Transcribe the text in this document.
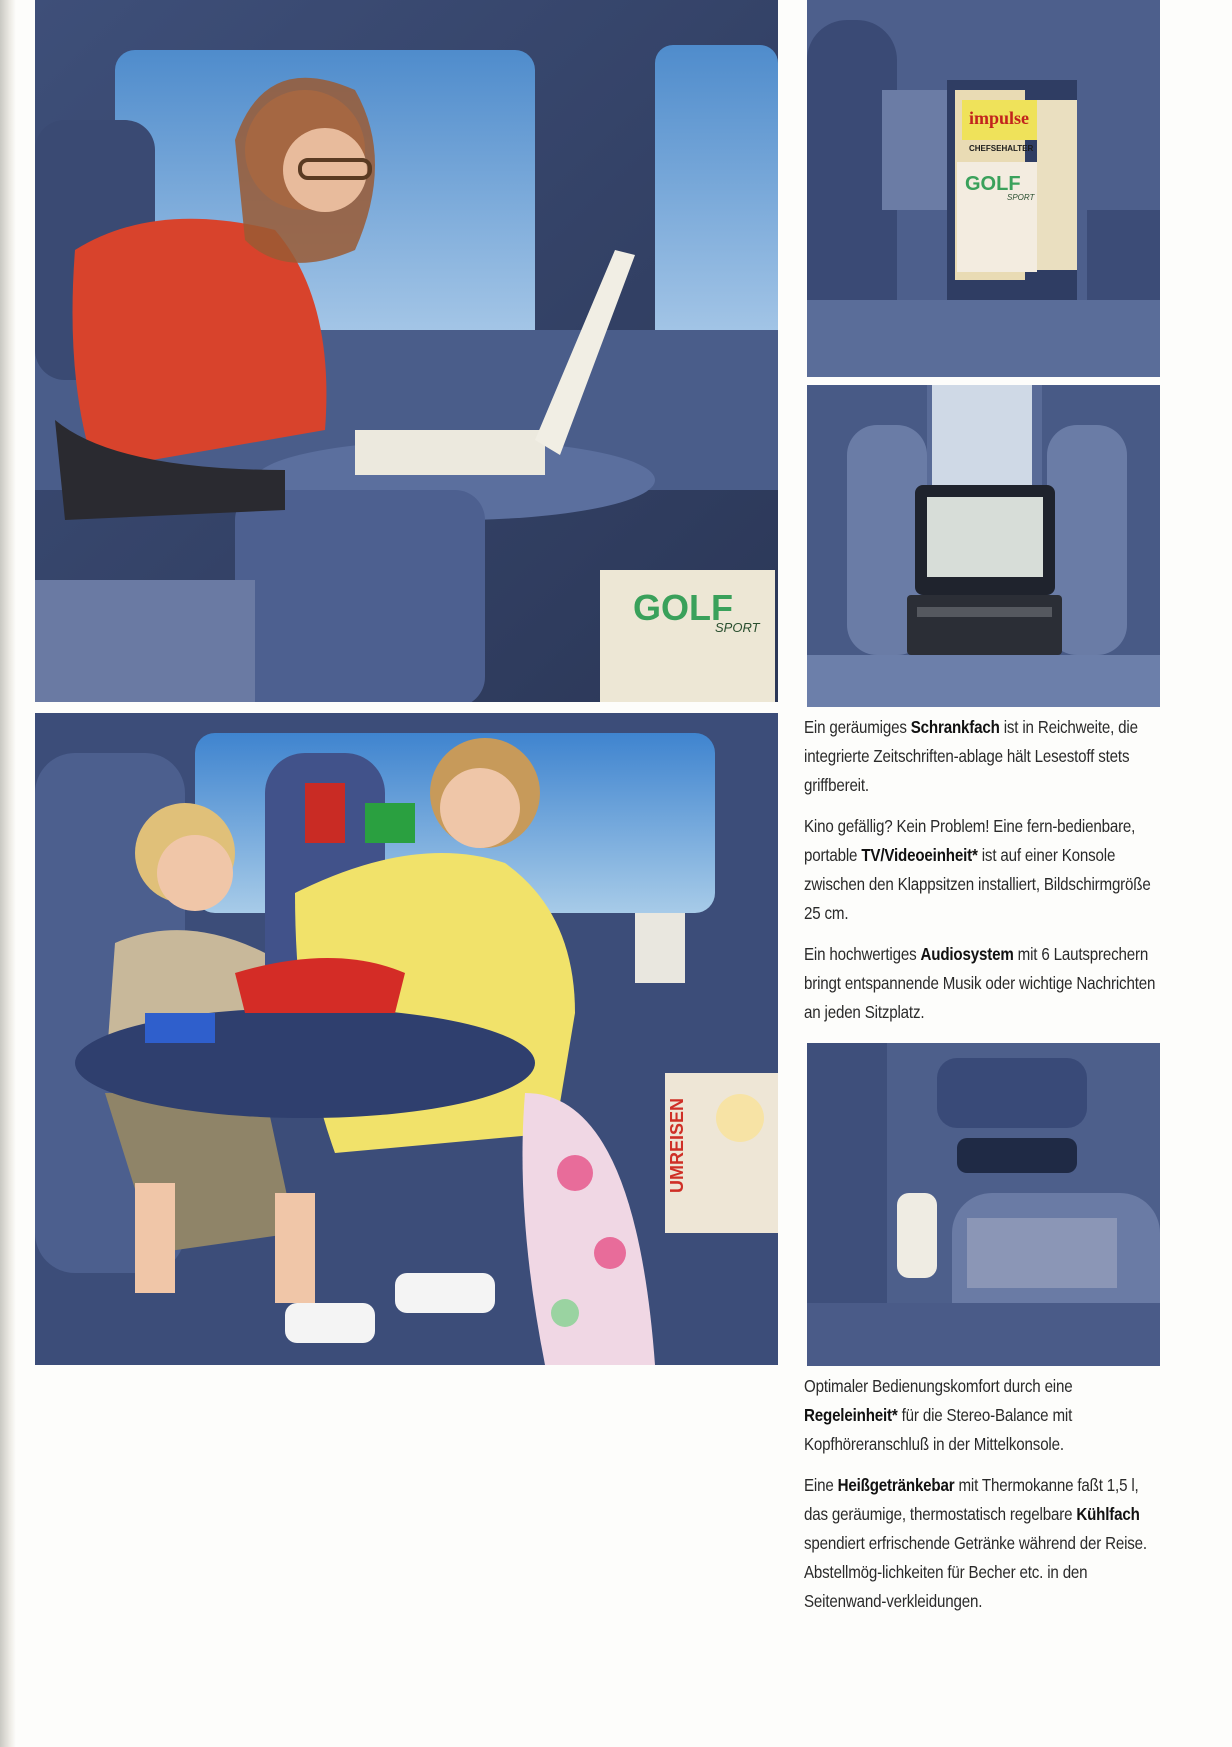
GOLF
SPORT
impulse
CHEFSEHALTER
GOLF
SPORT
UMREISEN

Ein geräumiges Schrankfach ist in Reichweite, die integrierte Zeitschriften-ablage hält Lesestoff stets griffbereit.

Kino gefällig? Kein Problem! Eine fern-bedienbare, portable TV/Videoeinheit* ist auf einer Konsole zwischen den Klappsitzen installiert, Bildschirmgröße 25 cm.

Ein hochwertiges Audiosystem mit 6 Lautsprechern bringt entspannende Musik oder wichtige Nachrichten an jeden Sitzplatz.

Optimaler Bedienungskomfort durch eine Regeleinheit* für die Stereo-Balance mit Kopfhöreranschluß in der Mittelkonsole.

Eine Heißgetränkebar mit Thermokanne faßt 1,5 l, das geräumige, thermostatisch regelbare Kühlfach spendiert erfrischende Getränke während der Reise. Abstellmög-lichkeiten für Becher etc. in den Seitenwand-verkleidungen.
